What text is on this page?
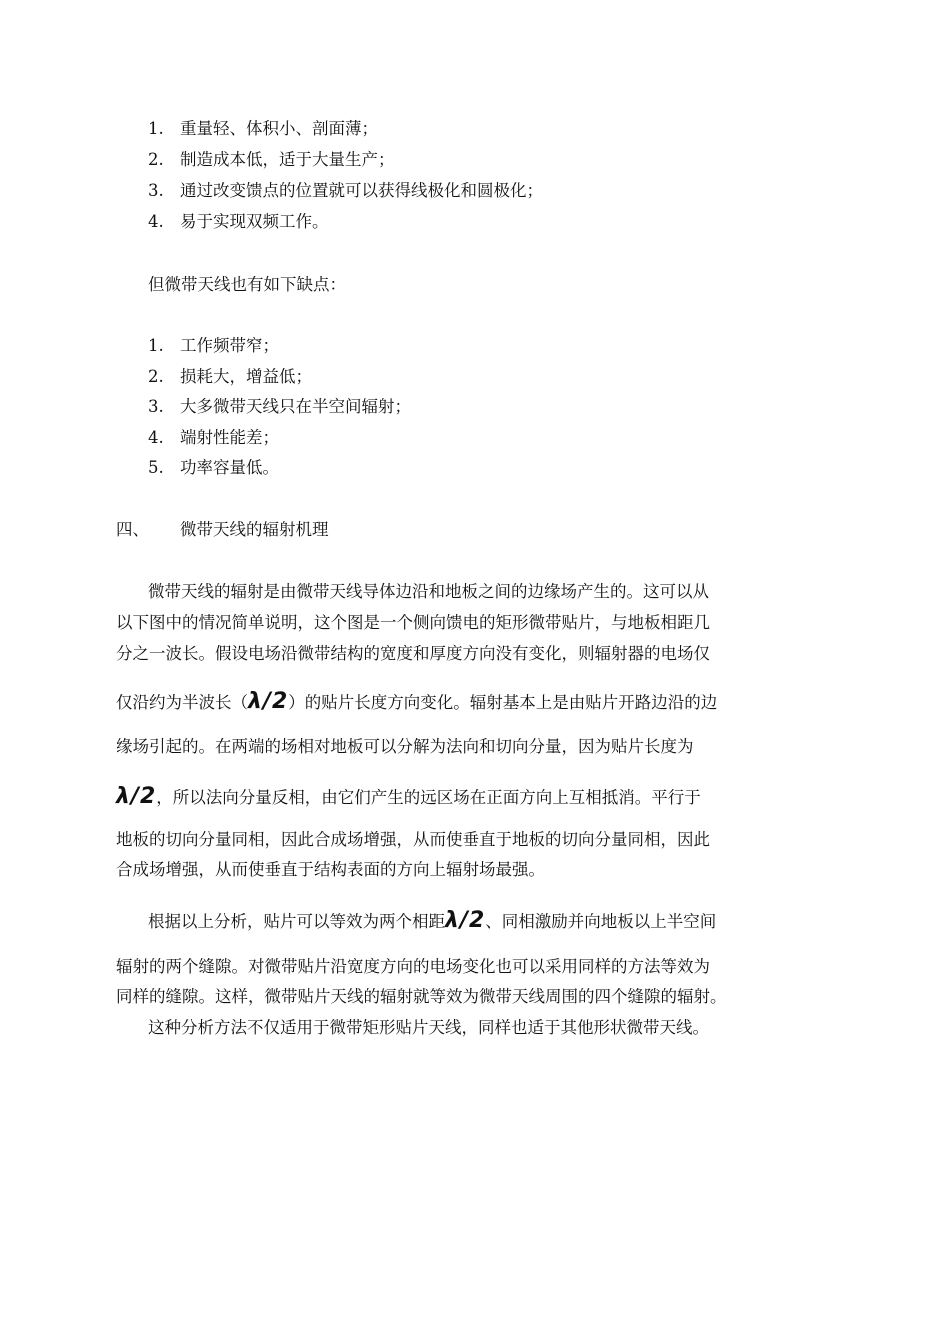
1. 重量轻、体积小、剖面薄；
2. 制造成本低，适于大量生产；
3. 通过改变馈点的位置就可以获得线极化和圆极化；
4. 易于实现双频工作。
但微带天线也有如下缺点：
1. 工作频带窄；
2. 损耗大，增益低；
3. 大多微带天线只在半空间辐射；
4. 端射性能差；
5. 功率容量低。
四、 微带天线的辐射机理
微带天线的辐射是由微带天线导体边沿和地板之间的边缘场产生的。这可以从
以下图中的情况简单说明，这个图是一个侧向馈电的矩形微带贴片，与地板相距几
分之一波长。假设电场沿微带结构的宽度和厚度方向没有变化，则辐射器的电场仅
仅沿约为半波长（λ/2）的贴片长度方向变化。辐射基本上是由贴片开路边沿的边
缘场引起的。在两端的场相对地板可以分解为法向和切向分量，因为贴片长度为
λ/2，所以法向分量反相，由它们产生的远区场在正面方向上互相抵消。平行于
地板的切向分量同相，因此合成场增强，从而使垂直于地板的切向分量同相，因此
合成场增强，从而使垂直于结构表面的方向上辐射场最强。
根据以上分析，贴片可以等效为两个相距λ/2、同相激励并向地板以上半空间
辐射的两个缝隙。对微带贴片沿宽度方向的电场变化也可以采用同样的方法等效为
同样的缝隙。这样，微带贴片天线的辐射就等效为微带天线周围的四个缝隙的辐射。
这种分析方法不仅适用于微带矩形贴片天线，同样也适于其他形状微带天线。
